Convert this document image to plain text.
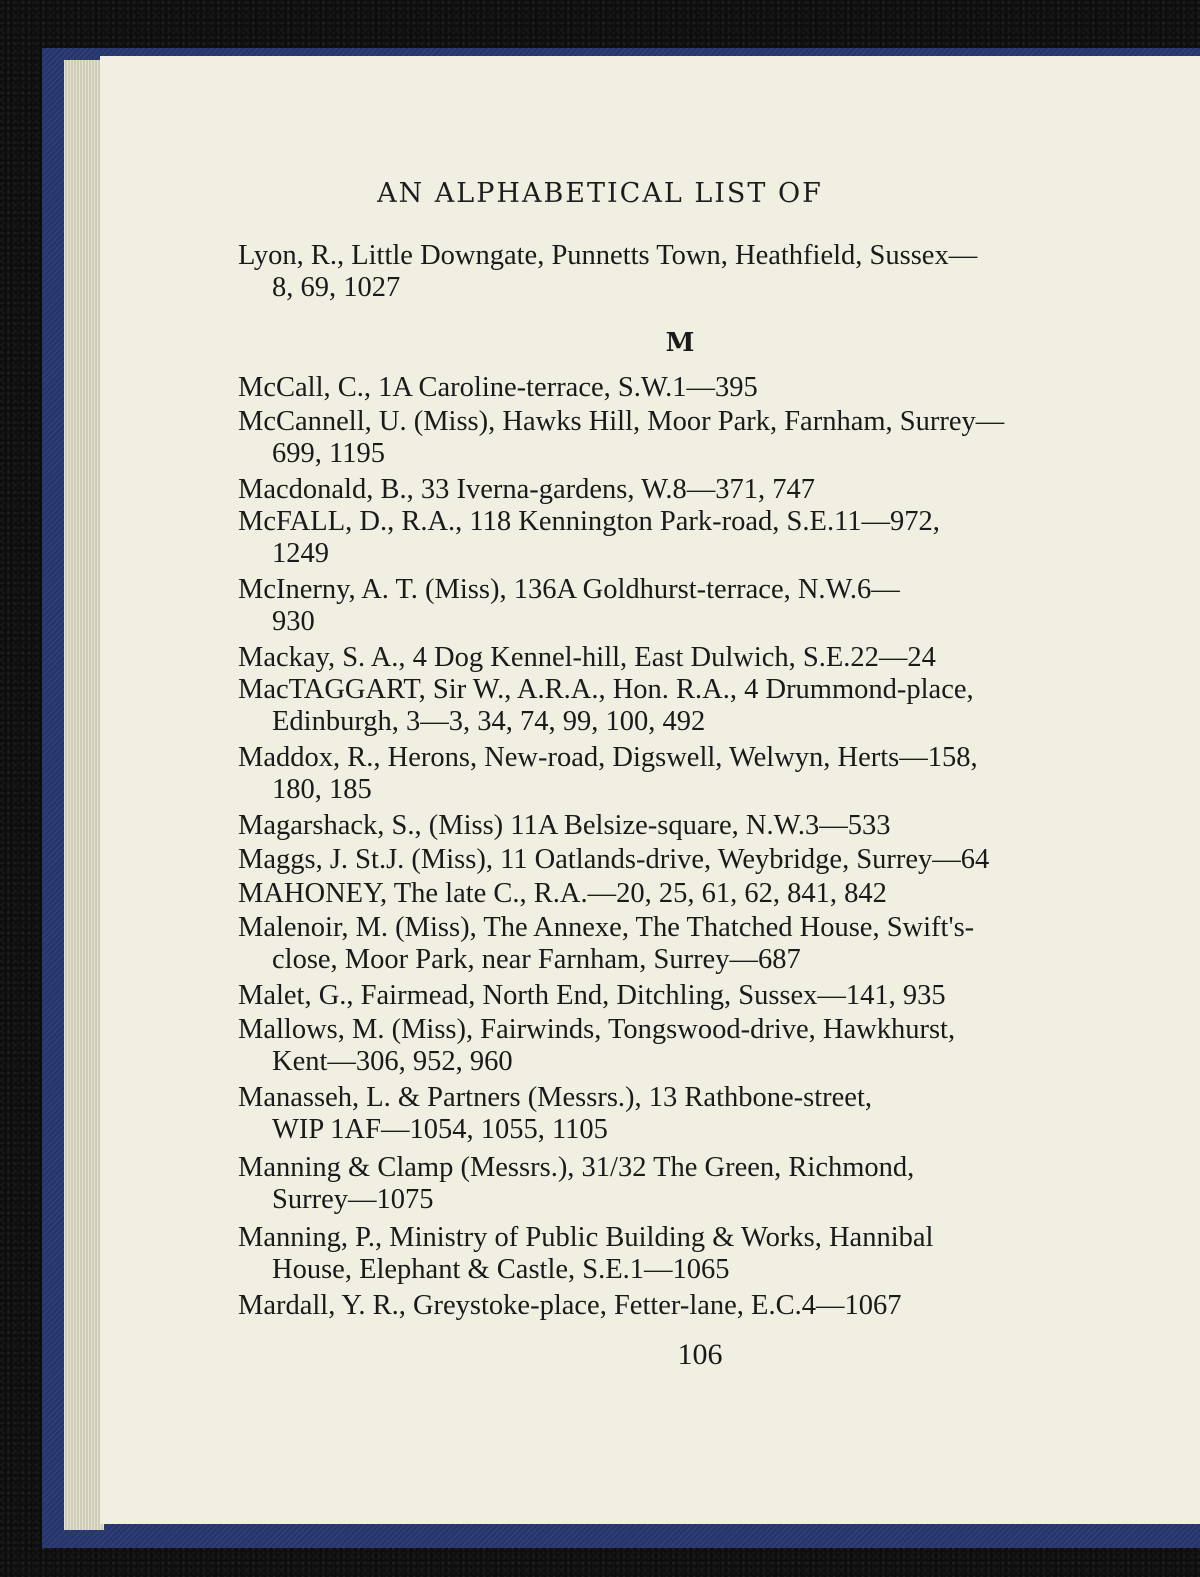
AN ALPHABETICAL LIST OF
Lyon, R., Little Downgate, Punnetts Town, Heathfield, Sussex—
8, 69, 1027
M
McCall, C., 1A Caroline-terrace, S.W.1—395
McCannell, U. (Miss), Hawks Hill, Moor Park, Farnham, Surrey—
699, 1195
Macdonald, B., 33 Iverna-gardens, W.8—371, 747
McFALL, D., R.A., 118 Kennington Park-road, S.E.11—972,
1249
McInerny, A. T. (Miss), 136A Goldhurst-terrace, N.W.6—
930
Mackay, S. A., 4 Dog Kennel-hill, East Dulwich, S.E.22—24
MacTAGGART, Sir W., A.R.A., Hon. R.A., 4 Drummond-place,
Edinburgh, 3—3, 34, 74, 99, 100, 492
Maddox, R., Herons, New-road, Digswell, Welwyn, Herts—158,
180, 185
Magarshack, S., (Miss) 11A Belsize-square, N.W.3—533
Maggs, J. St.J. (Miss), 11 Oatlands-drive, Weybridge, Surrey—64
MAHONEY, The late C., R.A.—20, 25, 61, 62, 841, 842
Malenoir, M. (Miss), The Annexe, The Thatched House, Swift's-
close, Moor Park, near Farnham, Surrey—687
Malet, G., Fairmead, North End, Ditchling, Sussex—141, 935
Mallows, M. (Miss), Fairwinds, Tongswood-drive, Hawkhurst,
Kent—306, 952, 960
Manasseh, L. & Partners (Messrs.), 13 Rathbone-street,
WIP 1AF—1054, 1055, 1105
Manning & Clamp (Messrs.), 31/32 The Green, Richmond,
Surrey—1075
Manning, P., Ministry of Public Building & Works, Hannibal
House, Elephant & Castle, S.E.1—1065
Mardall, Y. R., Greystoke-place, Fetter-lane, E.C.4—1067
106
